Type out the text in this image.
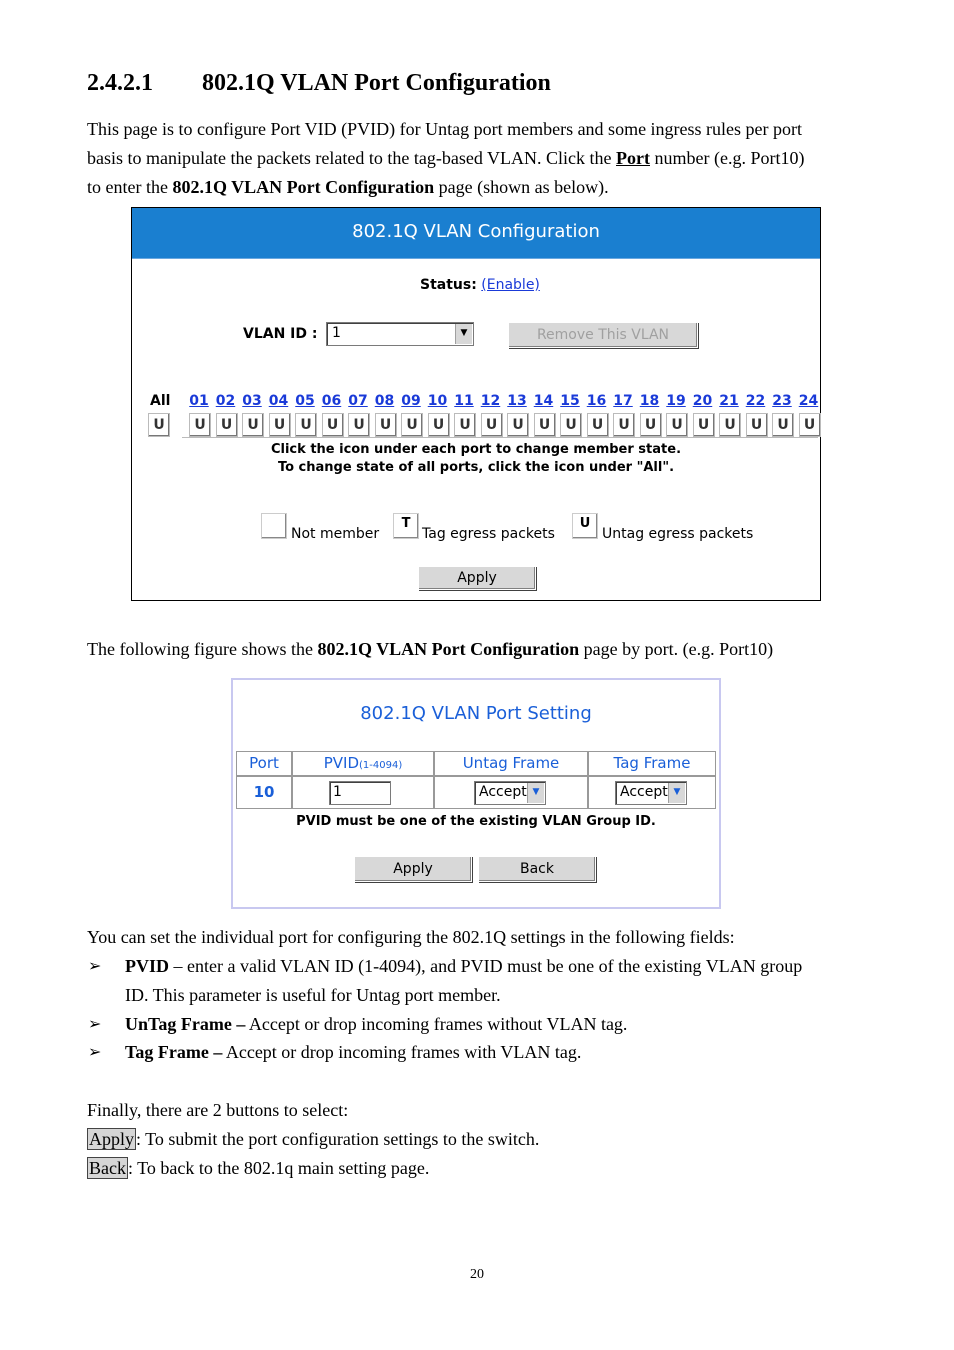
2.4.2.1 802.1Q VLAN Port Configuration
This page is to configure Port VID (PVID) for Untag port members and some ingress rules per port
basis to manipulate the packets related to the tag-based VLAN. Click the Port number (e.g. Port10)
to enter the 802.1Q VLAN Port Configuration page (shown as below).
802.1Q VLAN Configuration
Status: (Enable)
VLAN ID : 1	▼	Remove This VLAN
All
U
01 02 03 04 05 06 07 08 09 10 11 12 13 14 15 16 17 18 19 20 21 22 23 24
U	U	U	U	U	U	U	U	U	U	U	U	U	U	U	U	U	U	U	U	U	U	U	U
Click the icon under each port to change member state.
To change state of all ports, click the icon under "All".
Not member
T
Tag egress packets
U
Untag egress packets
Apply
The following figure shows the 802.1Q VLAN Port Configuration page by port. (e.g. Port10)
802.1Q VLAN Port Setting
Port	PVID(1-4094)	Untag Frame	Tag Frame
10	1	Accept ▼	Accept ▼
PVID must be one of the existing VLAN Group ID.
Apply	Back
You can set the individual port for configuring the 802.1Q settings in the following fields:
➢ PVID – enter a valid VLAN ID (1-4094), and PVID must be one of the existing VLAN group
ID. This parameter is useful for Untag port member.
➢ UnTag Frame – Accept or drop incoming frames without VLAN tag.
➢ Tag Frame – Accept or drop incoming frames with VLAN tag.
Finally, there are 2 buttons to select:
Apply : To submit the port configuration settings to the switch.
Back : To back to the 802.1q main setting page.
20
